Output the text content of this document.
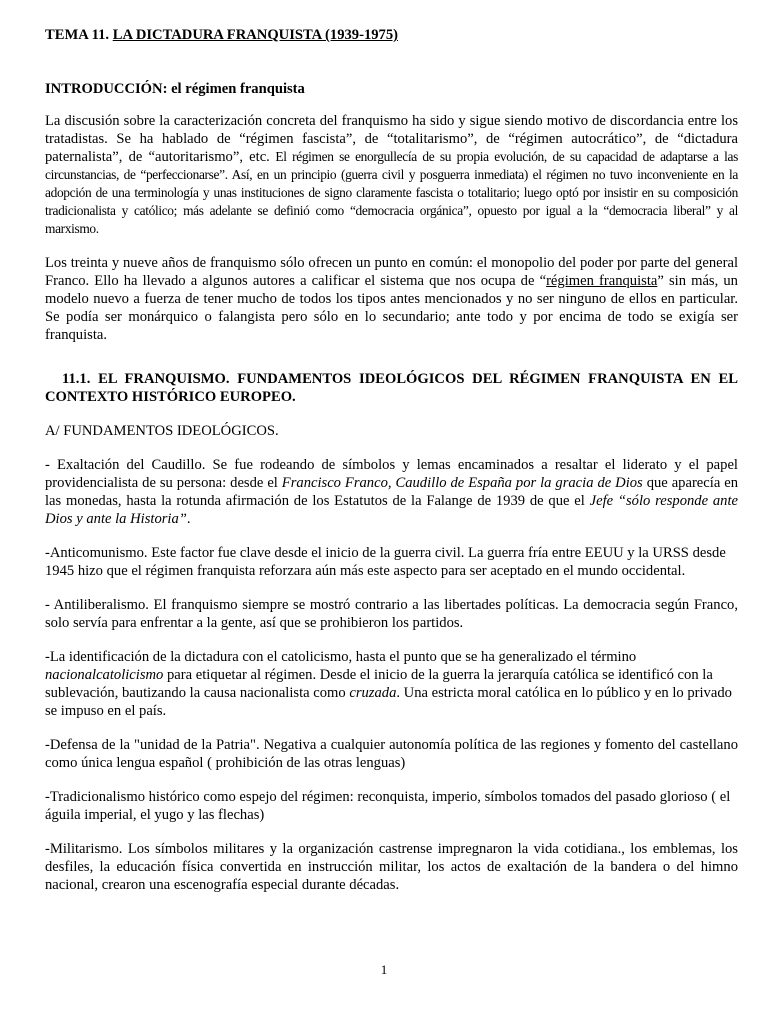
TEMA 11. LA DICTADURA FRANQUISTA (1939-1975)

INTRODUCCIÓN: el régimen franquista

La discusión sobre la caracterización concreta del franquismo ha sido y sigue siendo motivo de discordancia entre los tratadistas. Se ha hablado de “régimen fascista”, de “totalitarismo”, de “régimen autocrático”, de “dictadura paternalista”, de “autoritarismo”, etc. El régimen se enorgullecía de su propia evolución, de su capacidad de adaptarse a las circunstancias, de “perfeccionarse”. Así, en un principio (guerra civil y posguerra inmediata) el régimen no tuvo inconveniente en la adopción de una terminología y unas instituciones de signo claramente fascista o totalitario; luego optó por insistir en su composición tradicionalista y católico; más adelante se definió como “democracia orgánica”, opuesto por igual a la “democracia liberal” y al marxismo.

Los treinta y nueve años de franquismo sólo ofrecen un punto en común: el monopolio del poder por parte del general Franco. Ello ha llevado a algunos autores a calificar el sistema que nos ocupa de “régimen franquista” sin más, un modelo nuevo a fuerza de tener mucho de todos los tipos antes mencionados y no ser ninguno de ellos en particular. Se podía ser monárquico o falangista pero sólo en lo secundario; ante todo y por encima de todo se exigía ser franquista.

11.1. EL FRANQUISMO. FUNDAMENTOS IDEOLÓGICOS DEL RÉGIMEN FRANQUISTA EN EL CONTEXTO HISTÓRICO EUROPEO.

A/ FUNDAMENTOS IDEOLÓGICOS.

- Exaltación del Caudillo. Se fue rodeando de símbolos y lemas encaminados a resaltar el liderato y el papel providencialista de su persona: desde el Francisco Franco, Caudillo de España por la gracia de Dios que aparecía en las monedas, hasta la rotunda afirmación de los Estatutos de la Falange de 1939 de que el Jefe “sólo responde ante Dios y ante la Historia”.

-Anticomunismo. Este factor fue clave desde el inicio de la guerra civil. La guerra fría entre EEUU y la URSS desde 1945 hizo que el régimen franquista reforzara aún más este aspecto para ser aceptado en el mundo occidental.

- Antiliberalismo. El franquismo siempre se mostró contrario a las libertades políticas. La democracia según Franco, solo servía para enfrentar a la gente, así que se prohibieron los partidos.

-La identificación de la dictadura con el catolicismo, hasta el punto que se ha generalizado el término nacionalcatolicismo para etiquetar al régimen. Desde el inicio de la guerra la jerarquía católica se identificó con la sublevación, bautizando la causa nacionalista como cruzada. Una estricta moral católica en lo público y en lo privado se impuso en el país.

-Defensa de la "unidad de la Patria". Negativa a cualquier autonomía política de las regiones y fomento del castellano como única lengua español ( prohibición de las otras lenguas)

-Tradicionalismo histórico como espejo del régimen: reconquista, imperio, símbolos tomados del pasado glorioso ( el águila imperial, el yugo y las flechas)

-Militarismo. Los símbolos militares y la organización castrense impregnaron la vida cotidiana., los emblemas, los desfiles, la educación física convertida en instrucción militar, los actos de exaltación de la bandera o del himno nacional, crearon una escenografía especial durante décadas.

1
